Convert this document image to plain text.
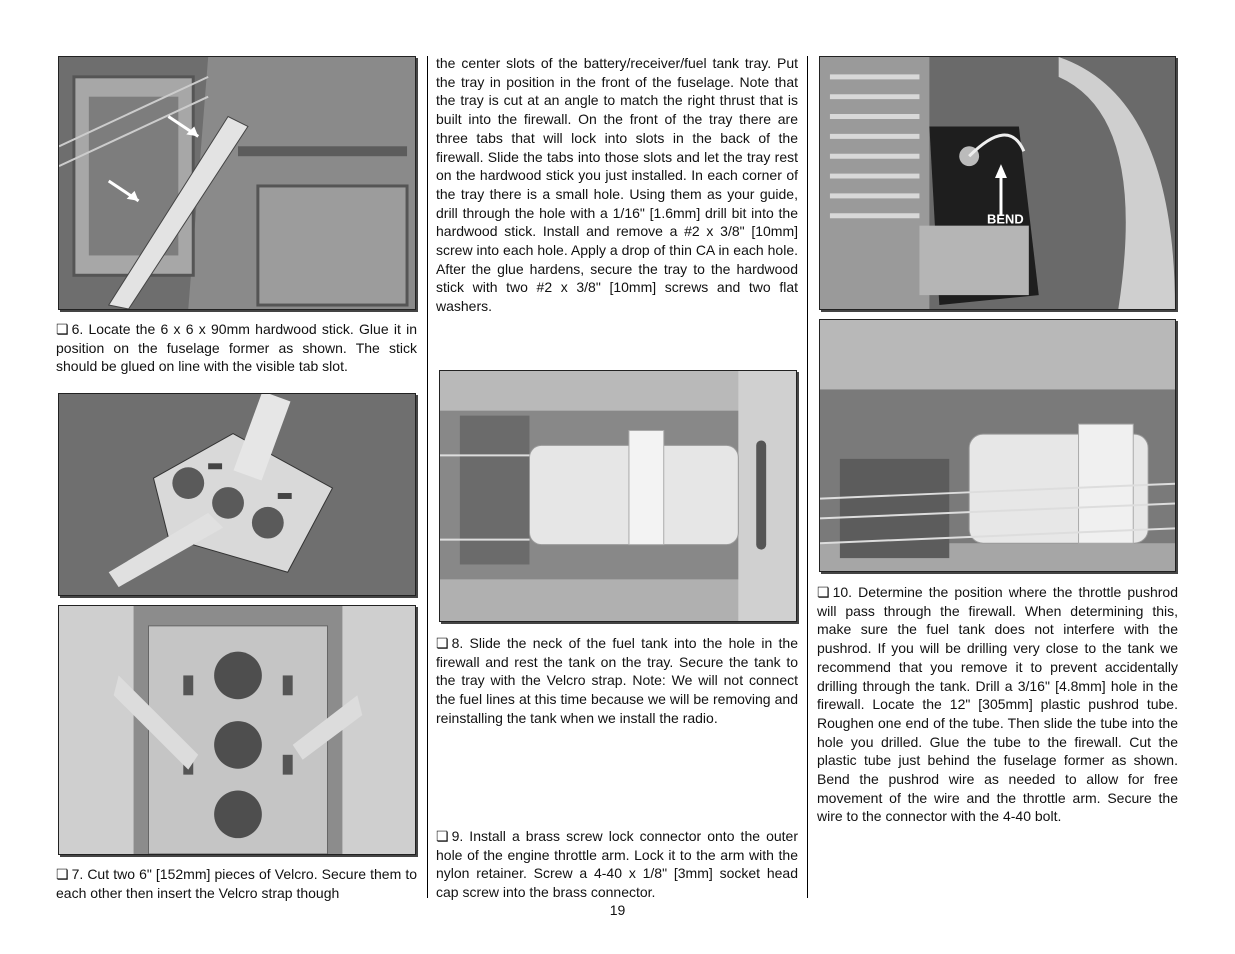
❏ 6. Locate the 6 x 6 x 90mm hardwood stick. Glue it in position on the fuselage former as shown. The stick should be glued on line with the visible tab slot.
❏ 7. Cut two 6" [152mm] pieces of Velcro. Secure them to each other then insert the Velcro strap though
the center slots of the battery/receiver/fuel tank tray. Put the tray in position in the front of the fuselage. Note that the tray is cut at an angle to match the right thrust that is built into the firewall. On the front of the tray there are three tabs that will lock into slots in the back of the firewall. Slide the tabs into those slots and let the tray rest on the hardwood stick you just installed. In each corner of the tray there is a small hole. Using them as your guide, drill through the hole with a 1/16" [1.6mm] drill bit into the hardwood stick. Install and remove a #2 x 3/8" [10mm] screw into each hole. Apply a drop of thin CA in each hole. After the glue hardens, secure the tray to the hardwood stick with two #2 x 3/8" [10mm] screws and two flat washers.
❏ 8. Slide the neck of the fuel tank into the hole in the firewall and rest the tank on the tray. Secure the tank to the tray with the Velcro strap. Note: We will not connect the fuel lines at this time because we will be removing and reinstalling the tank when we install the radio.
❏ 9. Install a brass screw lock connector onto the outer hole of the engine throttle arm. Lock it to the arm with the nylon retainer. Screw a 4-40 x 1/8" [3mm] socket head cap screw into the brass connector.
BEND
❏ 10. Determine the position where the throttle pushrod will pass through the firewall. When determining this, make sure the fuel tank does not interfere with the pushrod. If you will be drilling very close to the tank we recommend that you remove it to prevent accidentally drilling through the tank. Drill a 3/16" [4.8mm] hole in the firewall. Locate the 12" [305mm] plastic pushrod tube. Roughen one end of the tube. Then slide the tube into the hole you drilled. Glue the tube to the firewall. Cut the plastic tube just behind the fuselage former as shown. Bend the pushrod wire as needed to allow for free movement of the wire and the throttle arm. Secure the wire to the connector with the 4-40 bolt.
19
